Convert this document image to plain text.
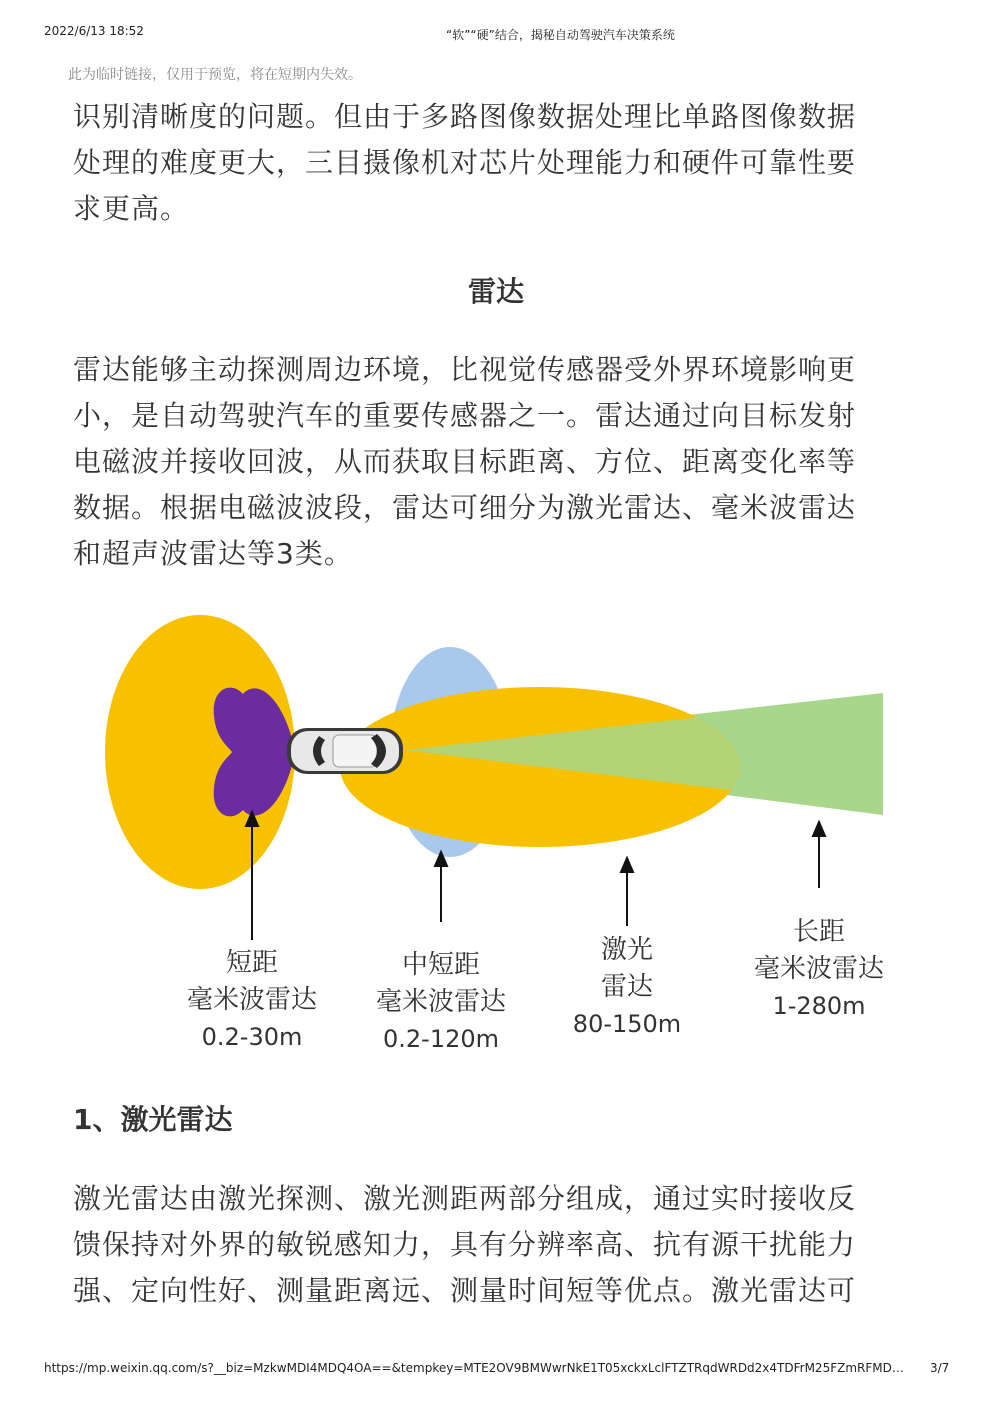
2022/6/13 18:52	“软”“硬”结合，揭秘自动驾驶汽车决策系统
此为临时链接，仅用于预览，将在短期内失效。
识别清晰度的问题。但由于多路图像数据处理比单路图像数据
处理的难度更大，三目摄像机对芯片处理能力和硬件可靠性要
求更高。
雷达
雷达能够主动探测周边环境，比视觉传感器受外界环境影响更
小，是自动驾驶汽车的重要传感器之一。雷达通过向目标发射
电磁波并接收回波，从而获取目标距离、方位、距离变化率等
数据。根据电磁波波段，雷达可细分为激光雷达、毫米波雷达
和超声波雷达等3类。
短距
毫米波雷达
0.2-30m
中短距
毫米波雷达
0.2-120m
激光
雷达
80-150m
长距
毫米波雷达
1-280m
1、激光雷达
激光雷达由激光探测、激光测距两部分组成，通过实时接收反
馈保持对外界的敏锐感知力，具有分辨率高、抗有源干扰能力
强、定向性好、测量距离远、测量时间短等优点。激光雷达可
https://mp.weixin.qq.com/s?__biz=MzkwMDI4MDQ4OA==&tempkey=MTE2OV9BMWwrNkE1T05xckxLclFTZTRqdWRDd2x4TDFrM25FZmRFMD… 3/7
